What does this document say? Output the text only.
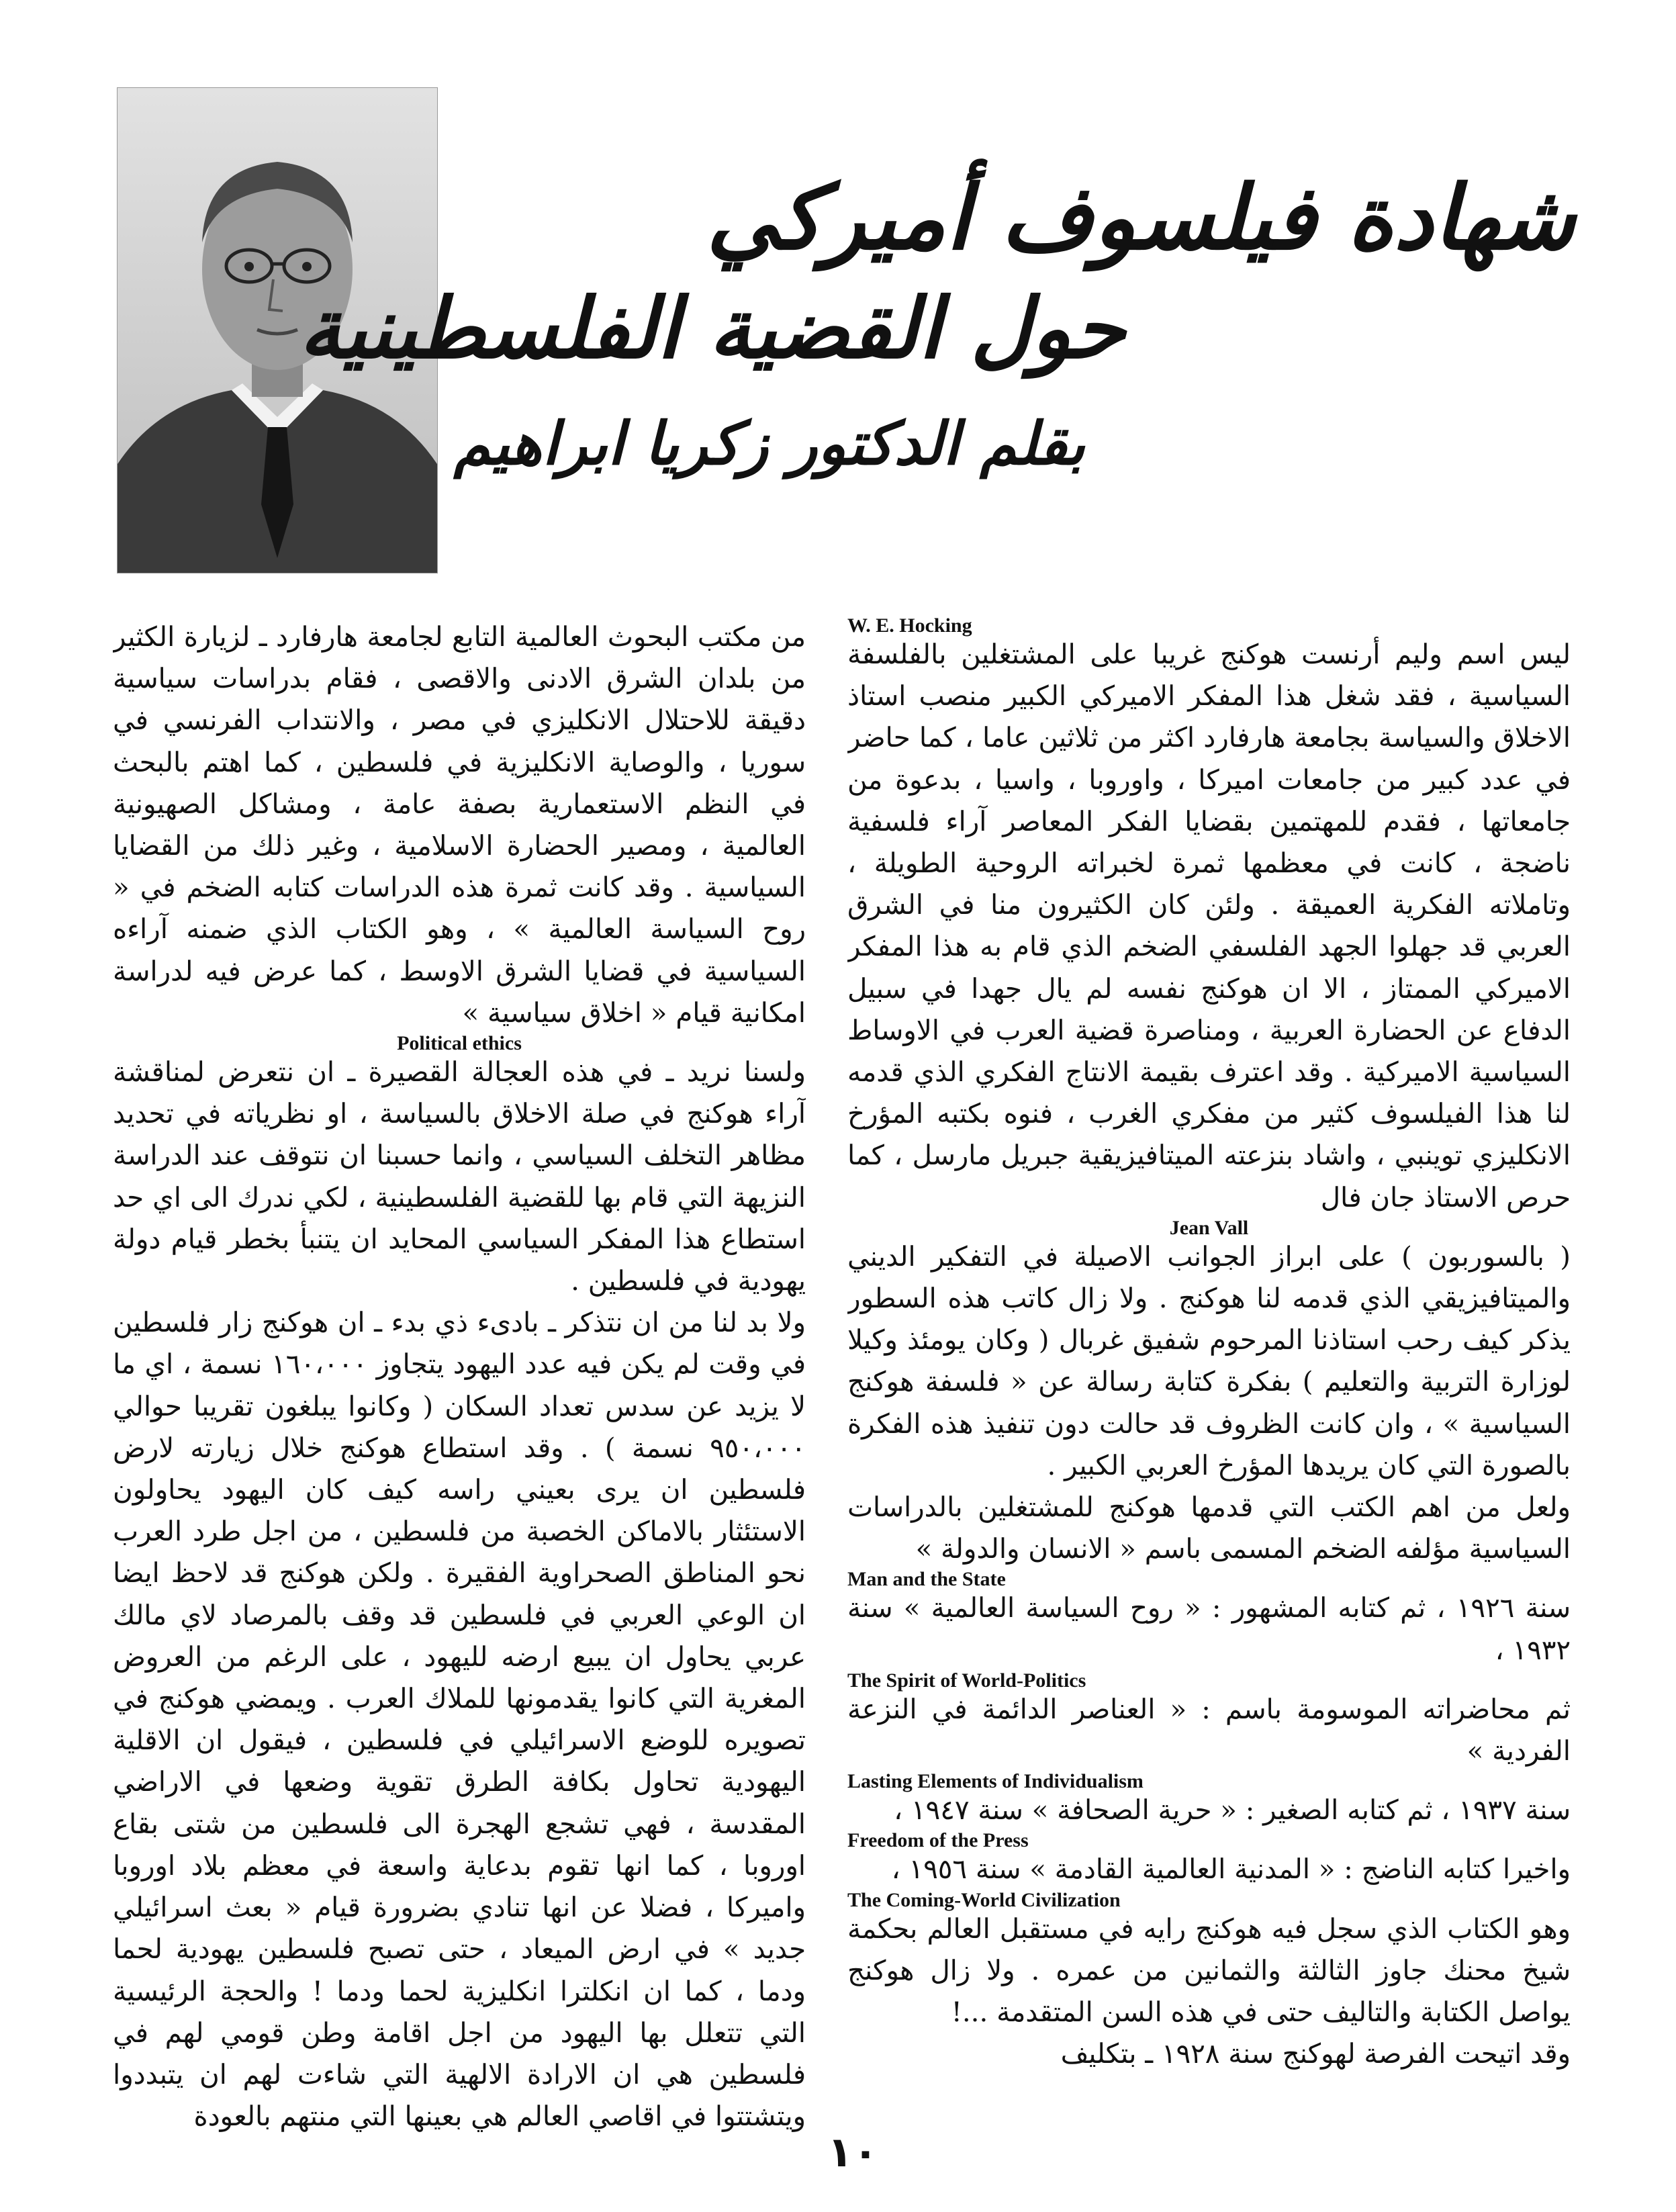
شهادة فيلسوف أميركي
حول القضية الفلسطينية
بقلم الدكتور زكريا ابراهيم
W. E. Hocking

ليس اسم وليم أرنست هوكنج غريبا على المشتغلين بالفلسفة السياسية ، فقد شغل هذا المفكر الاميركي الكبير منصب استاذ الاخلاق والسياسة بجامعة هارفارد اكثر من ثلاثين عاما ، كما حاضر في عدد كبير من جامعات اميركا ، واوروبا ، واسيا ، بدعوة من جامعاتها ، فقدم للمهتمين بقضايا الفكر المعاصر آراء فلسفية ناضجة ، كانت في معظمها ثمرة لخبراته الروحية الطويلة ، وتاملاته الفكرية العميقة . ولئن كان الكثيرون منا في الشرق العربي قد جهلوا الجهد الفلسفي الضخم الذي قام به هذا المفكر الاميركي الممتاز ، الا ان هوكنج نفسه لم يال جهدا في سبيل الدفاع عن الحضارة العربية ، ومناصرة قضية العرب في الاوساط السياسية الاميركية . وقد اعترف بقيمة الانتاج الفكري الذي قدمه لنا هذا الفيلسوف كثير من مفكري الغرب ، فنوه بكتبه المؤرخ الانكليزي توينبي ، واشاد بنزعته الميتافيزيقية جبريل مارسل ، كما حرص الاستاذ جان فال

Jean Vall

( بالسوربون ) على ابراز الجوانب الاصيلة في التفكير الديني والميتافيزيقي الذي قدمه لنا هوكنج . ولا زال كاتب هذه السطور يذكر كيف رحب استاذنا المرحوم شفيق غربال ( وكان يومئذ وكيلا لوزارة التربية والتعليم ) بفكرة كتابة رسالة عن « فلسفة هوكنج السياسية » ، وان كانت الظروف قد حالت دون تنفيذ هذه الفكرة بالصورة التي كان يريدها المؤرخ العربي الكبير .

ولعل من اهم الكتب التي قدمها هوكنج للمشتغلين بالدراسات السياسية مؤلفه الضخم المسمى باسم « الانسان والدولة »

Man and the State

سنة ١٩٢٦ ، ثم كتابه المشهور : « روح السياسة العالمية » سنة ١٩٣٢ ،

The Spirit of World-Politics

ثم محاضراته الموسومة باسم : « العناصر الدائمة في النزعة الفردية »

Lasting Elements of Individualism

سنة ١٩٣٧ ، ثم كتابه الصغير : « حرية الصحافة » سنة ١٩٤٧ ،

Freedom of the Press

واخيرا كتابه الناضج : « المدنية العالمية القادمة » سنة ١٩٥٦ ،

The Coming-World Civilization

وهو الكتاب الذي سجل فيه هوكنج رايه في مستقبل العالم بحكمة شيخ محنك جاوز الثالثة والثمانين من عمره . ولا زال هوكنج يواصل الكتابة والتاليف حتى في هذه السن المتقدمة ...!

وقد اتيحت الفرصة لهوكنج سنة ١٩٢٨ ـ بتكليف

من مكتب البحوث العالمية التابع لجامعة هارفارد ـ لزيارة الكثير من بلدان الشرق الادنى والاقصى ، فقام بدراسات سياسية دقيقة للاحتلال الانكليزي في مصر ، والانتداب الفرنسي في سوريا ، والوصاية الانكليزية في فلسطين ، كما اهتم بالبحث في النظم الاستعمارية بصفة عامة ، ومشاكل الصهيونية العالمية ، ومصير الحضارة الاسلامية ، وغير ذلك من القضايا السياسية . وقد كانت ثمرة هذه الدراسات كتابه الضخم في « روح السياسة العالمية » ، وهو الكتاب الذي ضمنه آراءه السياسية في قضايا الشرق الاوسط ، كما عرض فيه لدراسة امكانية قيام « اخلاق سياسية »

Political ethics

ولسنا نريد ـ في هذه العجالة القصيرة ـ ان نتعرض لمناقشة آراء هوكنج في صلة الاخلاق بالسياسة ، او نظرياته في تحديد مظاهر التخلف السياسي ، وانما حسبنا ان نتوقف عند الدراسة النزيهة التي قام بها للقضية الفلسطينية ، لكي ندرك الى اي حد استطاع هذا المفكر السياسي المحايد ان يتنبأ بخطر قيام دولة يهودية في فلسطين .

ولا بد لنا من ان نتذكر ـ بادىء ذي بدء ـ ان هوكنج زار فلسطين في وقت لم يكن فيه عدد اليهود يتجاوز ١٦٠،٠٠٠ نسمة ، اي ما لا يزيد عن سدس تعداد السكان ( وكانوا يبلغون تقريبا حوالي ٩٥٠،٠٠٠ نسمة ) . وقد استطاع هوكنج خلال زيارته لارض فلسطين ان يرى بعيني راسه كيف كان اليهود يحاولون الاستئثار بالاماكن الخصبة من فلسطين ، من اجل طرد العرب نحو المناطق الصحراوية الفقيرة . ولكن هوكنج قد لاحظ ايضا ان الوعي العربي في فلسطين قد وقف بالمرصاد لاي مالك عربي يحاول ان يبيع ارضه لليهود ، على الرغم من العروض المغرية التي كانوا يقدمونها للملاك العرب . ويمضي هوكنج في تصويره للوضع الاسرائيلي في فلسطين ، فيقول ان الاقلية اليهودية تحاول بكافة الطرق تقوية وضعها في الاراضي المقدسة ، فهي تشجع الهجرة الى فلسطين من شتى بقاع اوروبا ، كما انها تقوم بدعاية واسعة في معظم بلاد اوروبا واميركا ، فضلا عن انها تنادي بضرورة قيام « بعث اسرائيلي جديد » في ارض الميعاد ، حتى تصبح فلسطين يهودية لحما ودما ، كما ان انكلترا انكليزية لحما ودما ! والحجة الرئيسية التي تتعلل بها اليهود من اجل اقامة وطن قومي لهم في فلسطين هي ان الارادة الالهية التي شاءت لهم ان يتبددوا ويتشتتوا في اقاصي العالم هي بعينها التي منتهم بالعودة

١٠
